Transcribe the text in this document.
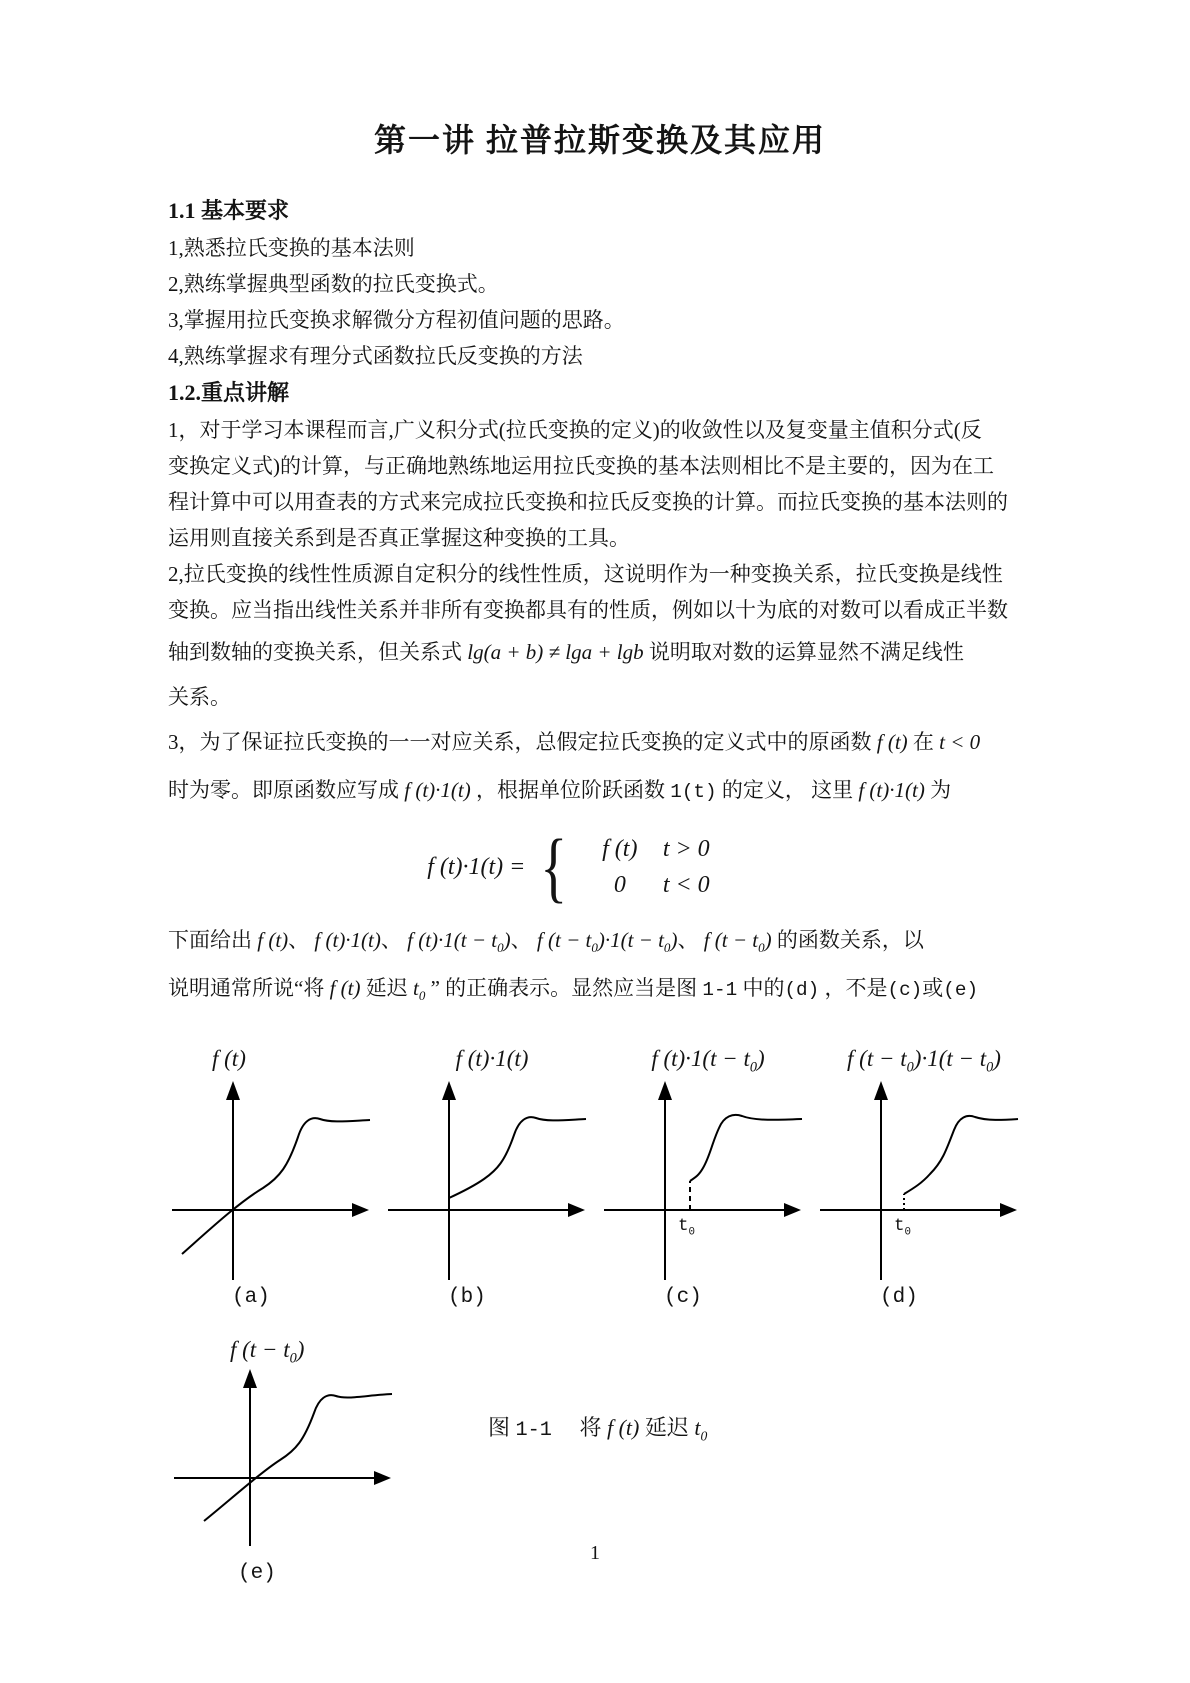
第一讲 拉普拉斯变换及其应用
1.1 基本要求
1,熟悉拉氏变换的基本法则
2,熟练掌握典型函数的拉氏变换式。
3,掌握用拉氏变换求解微分方程初值问题的思路。
4,熟练掌握求有理分式函数拉氏反变换的方法
1.2.重点讲解
1，对于学习本课程而言,广义积分式(拉氏变换的定义)的收敛性以及复变量主值积分式(反
变换定义式)的计算，与正确地熟练地运用拉氏变换的基本法则相比不是主要的，因为在工
程计算中可以用查表的方式来完成拉氏变换和拉氏反变换的计算。而拉氏变换的基本法则的
运用则直接关系到是否真正掌握这种变换的工具。
2,拉氏变换的线性性质源自定积分的线性性质，这说明作为一种变换关系，拉氏变换是线性
变换。应当指出线性关系并非所有变换都具有的性质，例如以十为底的对数可以看成正半数
轴到数轴的变换关系，但关系式 lg(a + b) ≠ lga + lgb 说明取对数的运算显然不满足线性
关系。
3，为了保证拉氏变换的一一对应关系，总假定拉氏变换的定义式中的原函数 f (t) 在 t < 0
时为零。即原函数应写成 f (t)·1(t) ，根据单位阶跃函数 1(t) 的定义， 这里 f (t)·1(t) 为
f (t)·1(t) = {	f (t)	t > 0
0	t < 0
下面给出 f (t)、 f (t)·1(t)、 f $(t)\cdot 1(t - t_0)$、 f $(t - t_0)\cdot 1(t - t_0)$、 f $(t - t_0)$ 的函数关系，以
说明通常所说“将 f (t) 延迟 $t_0$ ” 的正确表示。显然应当是图 1-1 中的(d) ，不是(c)或(e)
f (t)
(a)
f (t)·1(t)
(b)
f $(t)\cdot 1(t - t_0$ )
$t_0$
(c)
f ($t - t_0$ )$\cdot 1(t - t_0$ )
$t_0$
(d)
f ($t - t_0$ )
(e)
图 1-1　 将 f (t) 延迟 $t_0$
1
